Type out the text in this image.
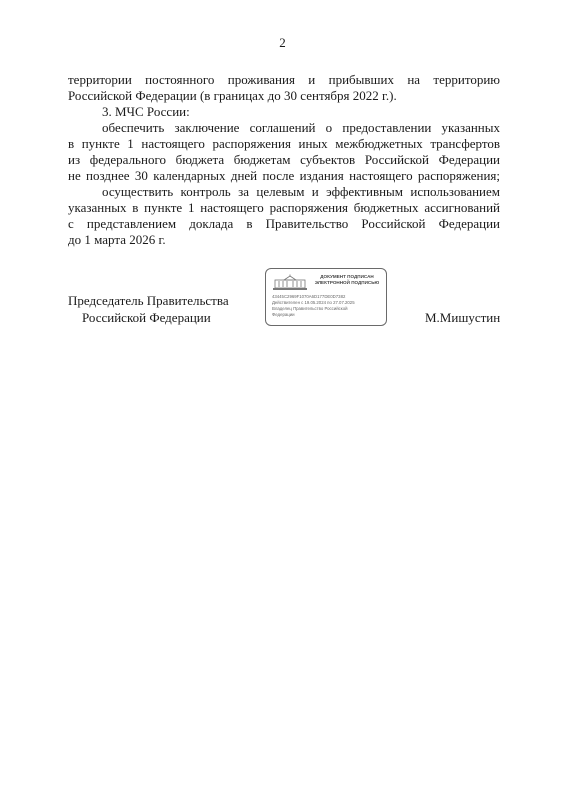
2
территории постоянного проживания и прибывших на территорию
Российской Федерации (в границах до 30 сентября 2022 г.).
3. МЧС России:
обеспечить заключение соглашений о предоставлении указанных
в пункте 1 настоящего распоряжения иных межбюджетных трансфертов
из федерального бюджета бюджетам субъектов Российской Федерации
не позднее 30 календарных дней после издания настоящего распоряжения;
осуществить контроль за целевым и эффективным использованием
указанных в пункте 1 настоящего распоряжения бюджетных ассигнований
с представлением доклада в Правительство Российской Федерации
до 1 марта 2026 г.
Председатель Правительства
Российской Федерации
ДОКУМЕНТ ПОДПИСАН
ЭЛЕКТРОННОЙ ПОДПИСЬЮ
43445C2969F1070A6D177DE0D7382
Действителен с 19.05.2024 по 27.07.2025
Владелец Правительство Российской
Федерации	М.Мишустин
